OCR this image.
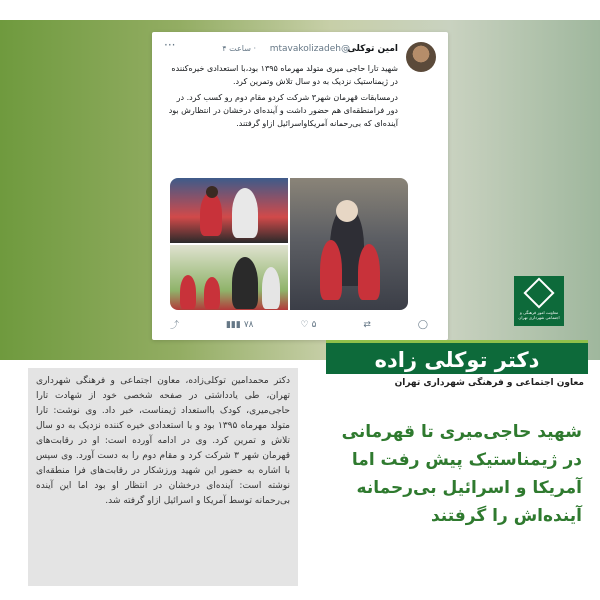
امین توکلی
@mtavakolizadeh
· ساعت ۴
···

شهید تارا حاجی میری متولد مهرماه ۱۳۹۵ بود،با استعدادی خیره‌کننده در ژیمناستیک نزدیک به دو سال تلاش وتمرین کرد.

درمسابقات قهرمان شهر۳ شرکت کردو مقام دوم رو کسب کرد. در دور فرامنطقه‌ای هم حضور داشت و آینده‌ای درخشان در انتظارش بود آینده‌ای که بی‌رحمانه آمریکاواسرائیل ازاو گرفتند.

⤴	▮▮▮ ۷۸	♡ ۵	⇄	◯
معاونت امور فرهنگی و اجتماعی شهرداری تهران
دکتر توکلی زاده
معاون اجتماعی و فرهنگی شهرداری تهران
شهید حاجی‌میری تا قهرمانی در ژیمناستیک پیش رفت اما آمریکا و اسرائیل بی‌رحمانه آینده‌اش را گرفتند
دکتر محمدامین توکلی‌زاده، معاون اجتماعی و فرهنگی شهرداری تهران، طی یادداشتی در صفحه شخصی خود از شهادت تارا حاجی‌میری، کودک بااستعداد ژیمناست، خبر داد. وی نوشت: تارا متولد مهرماه ۱۳۹۵ بود و با استعدادی خیره کننده نزدیک به دو سال تلاش و تمرین کرد. وی در ادامه آورده است: او در رقابت‌های قهرمان شهر ۳ شرکت کرد و مقام دوم را به دست آورد. وی سپس با اشاره به حضور این شهید ورزشکار در رقابت‌های فرا منطقه‌ای نوشته است: آینده‌ای درخشان در انتظار او بود اما این آینده بی‌رحمانه توسط آمریکا و اسرائیل ازاو گرفته شد.
